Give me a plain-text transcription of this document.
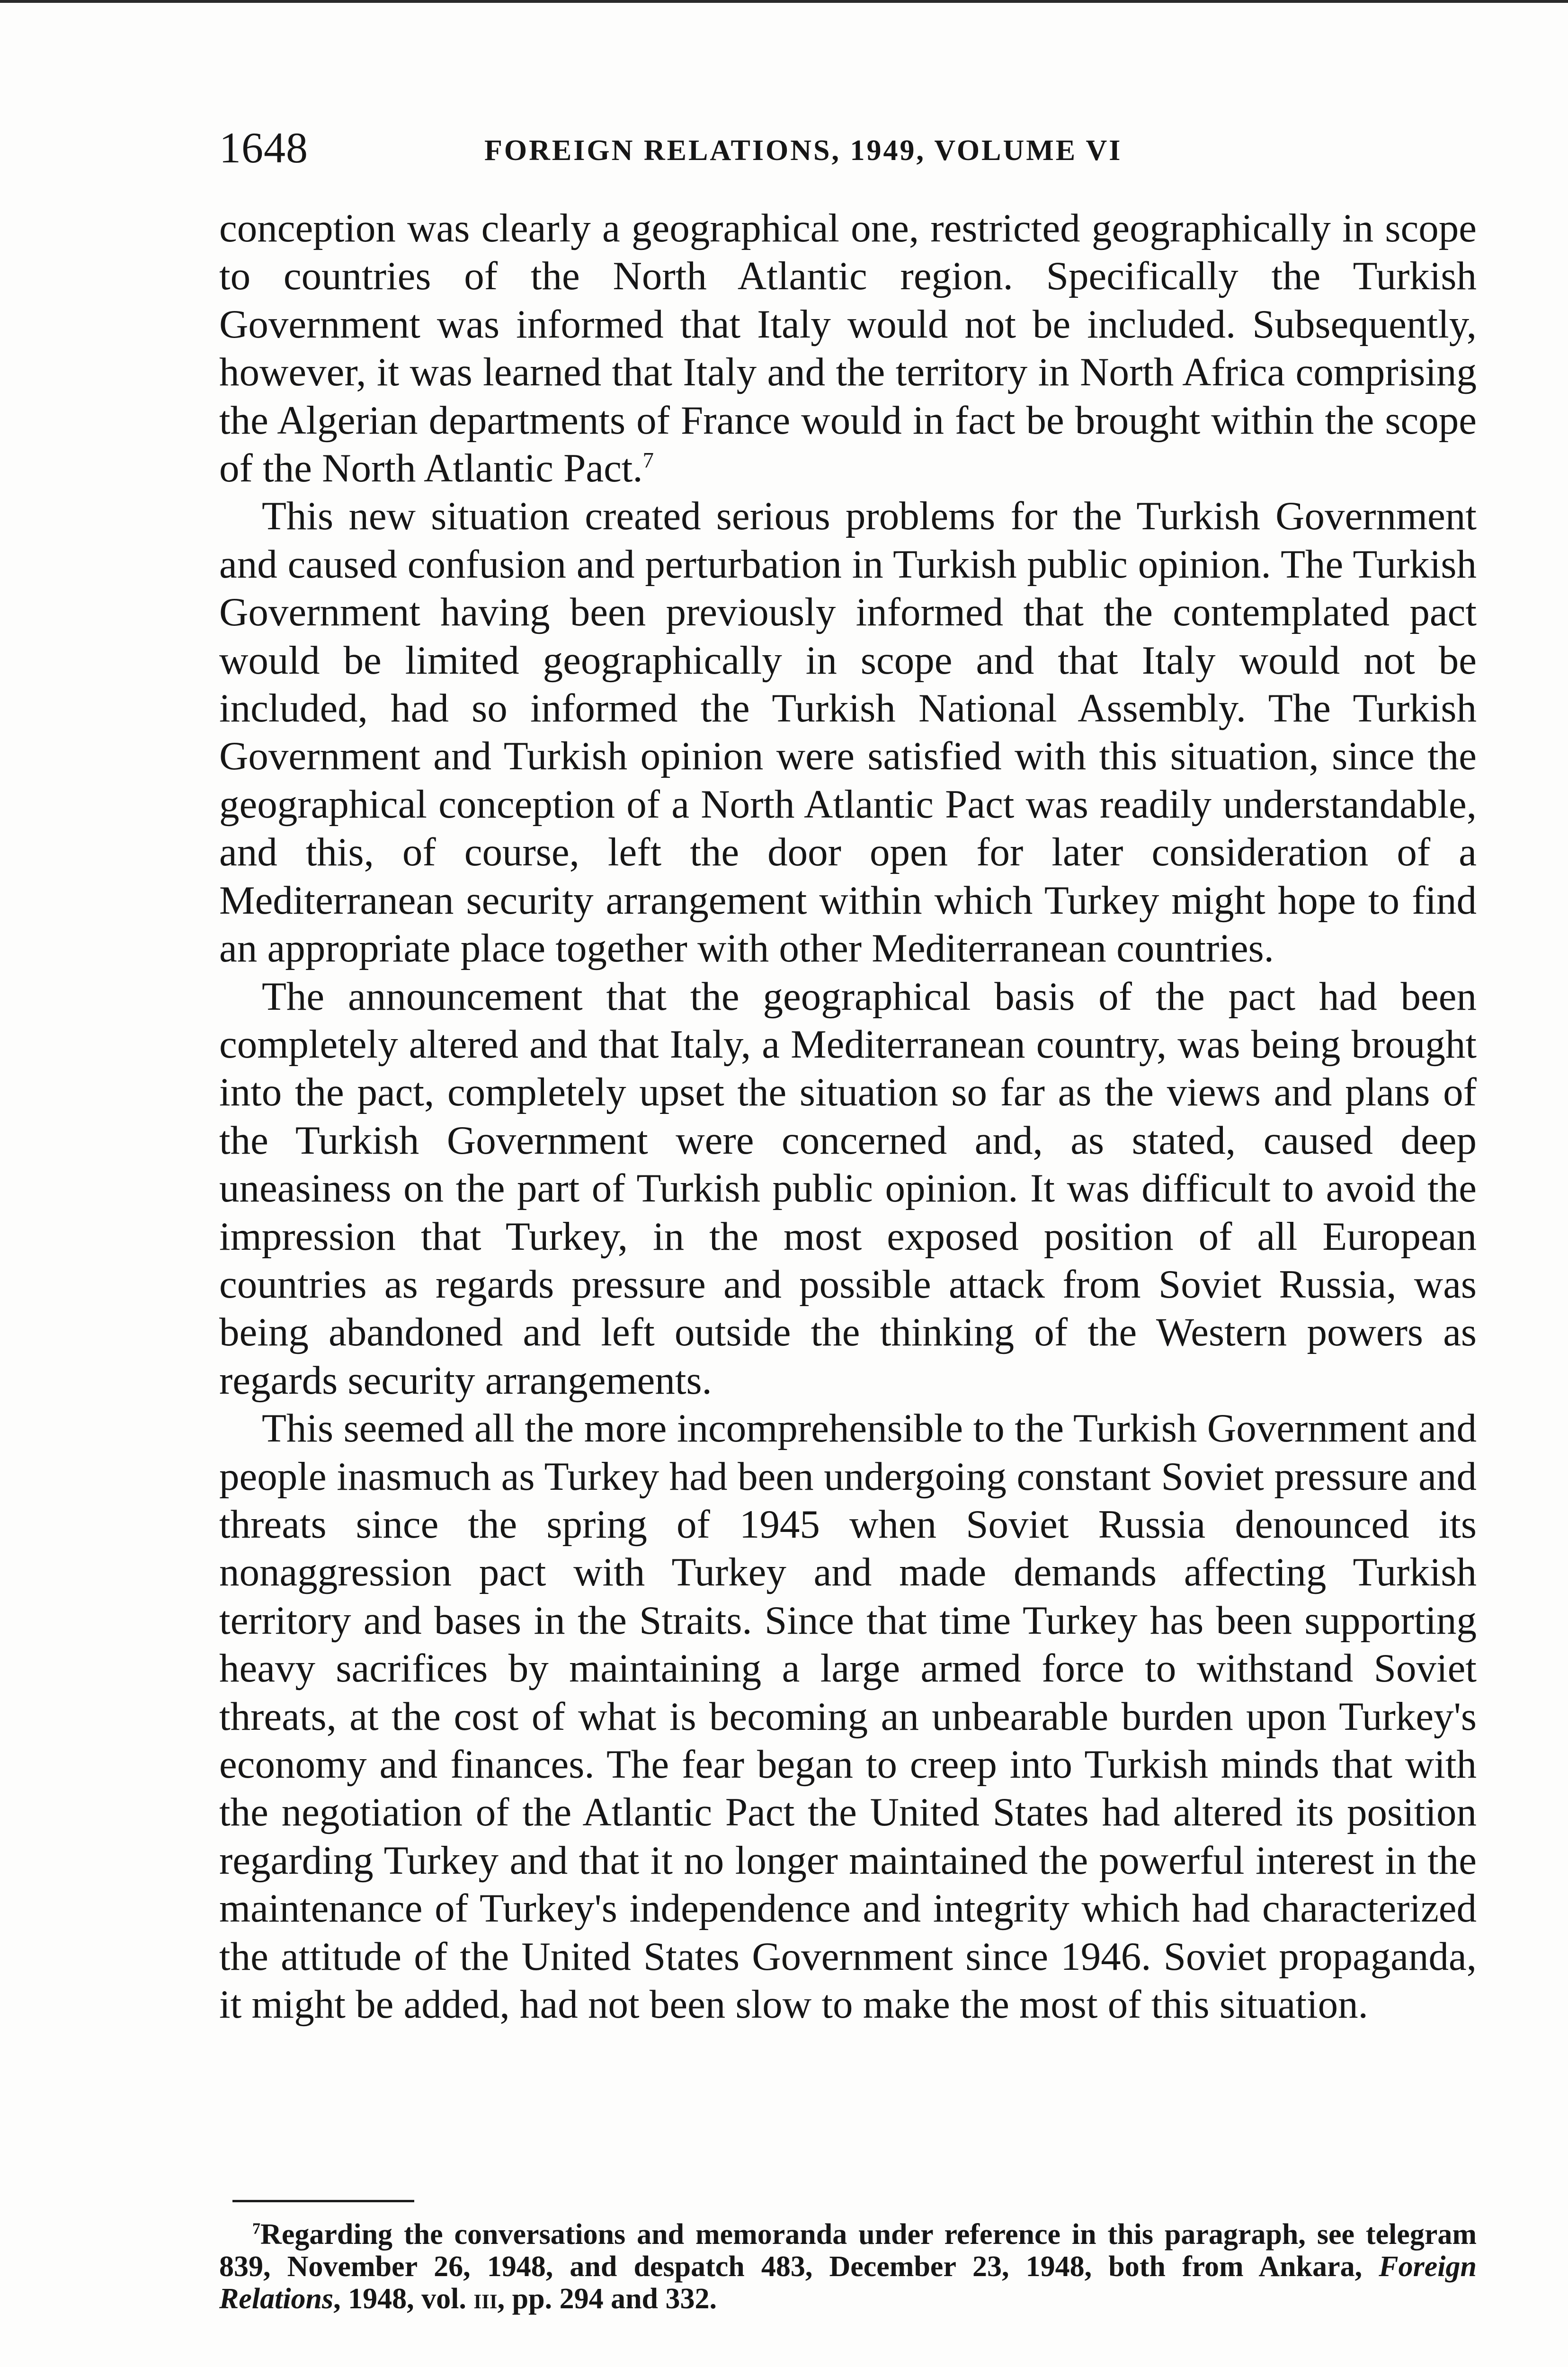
1648	FOREIGN RELATIONS, 1949, VOLUME VI

conception was clearly a geographical one, restricted geographically in scope to countries of the North Atlantic region. Specifically the Turkish Government was informed that Italy would not be included. Subsequently, however, it was learned that Italy and the territory in North Africa comprising the Algerian departments of France would in fact be brought within the scope of the North Atlantic Pact.$^7$

This new situation created serious problems for the Turkish Government and caused confusion and perturbation in Turkish public opinion. The Turkish Government having been previously informed that the contemplated pact would be limited geographically in scope and that Italy would not be included, had so informed the Turkish National Assembly. The Turkish Government and Turkish opinion were satisfied with this situation, since the geographical conception of a North Atlantic Pact was readily understandable, and this, of course, left the door open for later consideration of a Mediterranean security arrangement within which Turkey might hope to find an appropriate place together with other Mediterranean countries.

The announcement that the geographical basis of the pact had been completely altered and that Italy, a Mediterranean country, was being brought into the pact, completely upset the situation so far as the views and plans of the Turkish Government were concerned and, as stated, caused deep uneasiness on the part of Turkish public opinion. It was difficult to avoid the impression that Turkey, in the most exposed position of all European countries as regards pressure and possible attack from Soviet Russia, was being abandoned and left outside the thinking of the Western powers as regards security arrangements.

This seemed all the more incomprehensible to the Turkish Government and people inasmuch as Turkey had been undergoing constant Soviet pressure and threats since the spring of 1945 when Soviet Russia denounced its nonaggression pact with Turkey and made demands affecting Turkish territory and bases in the Straits. Since that time Turkey has been supporting heavy sacrifices by maintaining a large armed force to withstand Soviet threats, at the cost of what is becoming an unbearable burden upon Turkey's economy and finances. The fear began to creep into Turkish minds that with the negotiation of the Atlantic Pact the United States had altered its position regarding Turkey and that it no longer maintained the powerful interest in the maintenance of Turkey's independence and integrity which had characterized the attitude of the United States Government since 1946. Soviet propaganda, it might be added, had not been slow to make the most of this situation.

$^7$Regarding the conversations and memoranda under reference in this paragraph, see telegram 839, November 26, 1948, and despatch 483, December 23, 1948, both from Ankara, Foreign Relations, 1948, vol. iii, pp. 294 and 332.
